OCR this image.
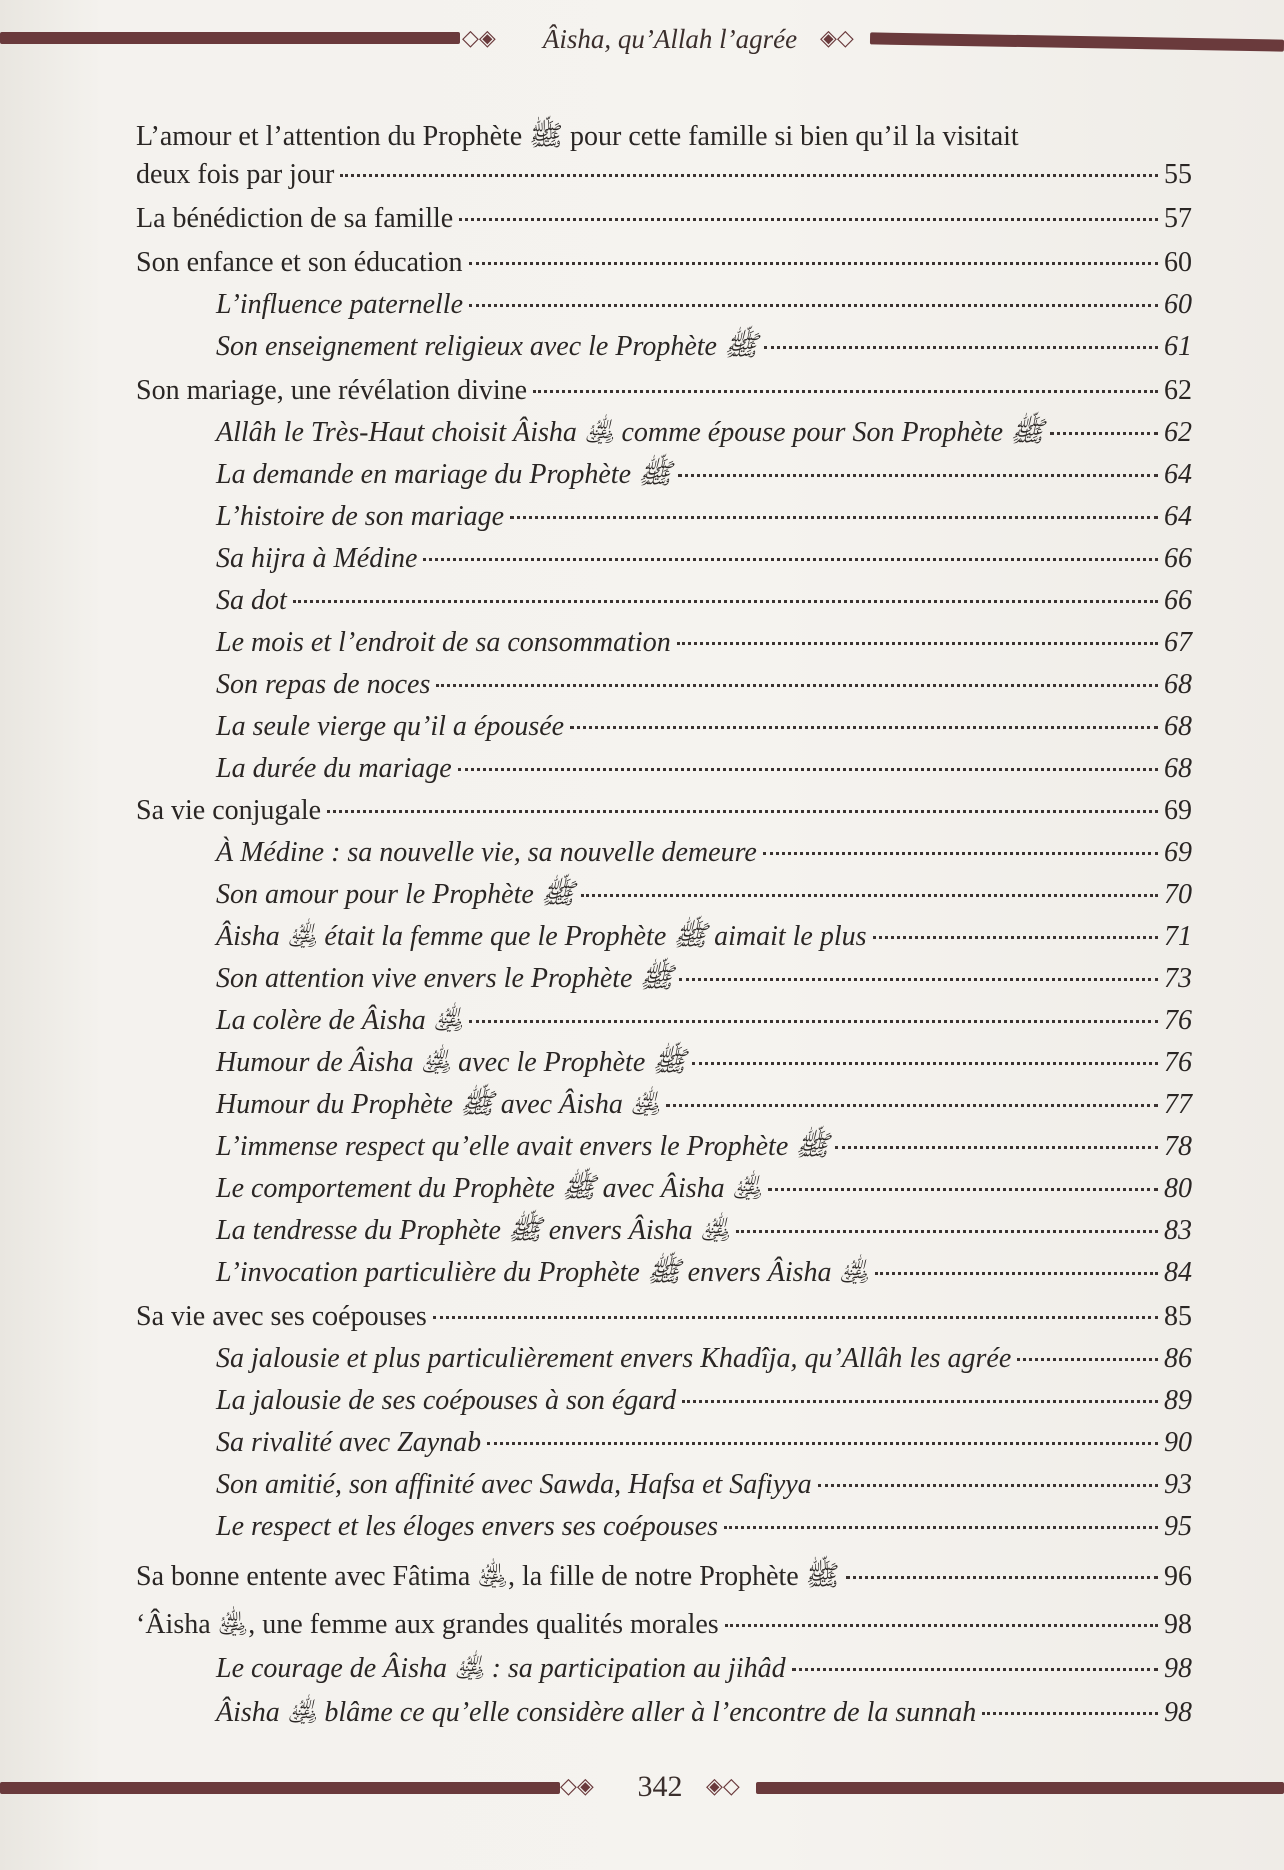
◇◈	Âisha, qu’Allah l’agrée	◈◇
L’amour et l’attention du Prophète ﷺ pour cette famille si bien qu’il la visitait
deux fois par jour	55
La bénédiction de sa famille	57
Son enfance et son éducation	60
L’influence paternelle	60
Son enseignement religieux avec le Prophète ﷺ	61
Son mariage, une révélation divine	62
Allâh le Très-Haut choisit Âisha ﵁ comme épouse pour Son Prophète ﷺ	62
La demande en mariage du Prophète ﷺ	64
L’histoire de son mariage	64
Sa hijra à Médine	66
Sa dot	66
Le mois et l’endroit de sa consommation	67
Son repas de noces	68
La seule vierge qu’il a épousée	68
La durée du mariage	68
Sa vie conjugale	69
À Médine : sa nouvelle vie, sa nouvelle demeure	69
Son amour pour le Prophète ﷺ	70
Âisha ﵁ était la femme que le Prophète ﷺ aimait le plus	71
Son attention vive envers le Prophète ﷺ	73
La colère de Âisha ﵁	76
Humour de Âisha ﵁ avec le Prophète ﷺ	76
Humour du Prophète ﷺ avec Âisha ﵁	77
L’immense respect qu’elle avait envers le Prophète ﷺ	78
Le comportement du Prophète ﷺ avec Âisha ﵁	80
La tendresse du Prophète ﷺ envers Âisha ﵁	83
L’invocation particulière du Prophète ﷺ envers Âisha ﵁	84
Sa vie avec ses coépouses	85
Sa jalousie et plus particulièrement envers Khadîja, qu’Allâh les agrée	86
La jalousie de ses coépouses à son égard	89
Sa rivalité avec Zaynab	90
Son amitié, son affinité avec Sawda, Hafsa et Safiyya	93
Le respect et les éloges envers ses coépouses	95
Sa bonne entente avec Fâtima ﵁, la fille de notre Prophète ﷺ	96
‘Âisha ﵁, une femme aux grandes qualités morales	98
Le courage de Âisha ﵁ : sa participation au jihâd	98
Âisha ﵁ blâme ce qu’elle considère aller à l’encontre de la sunnah	98
◇◈	342	◈◇
